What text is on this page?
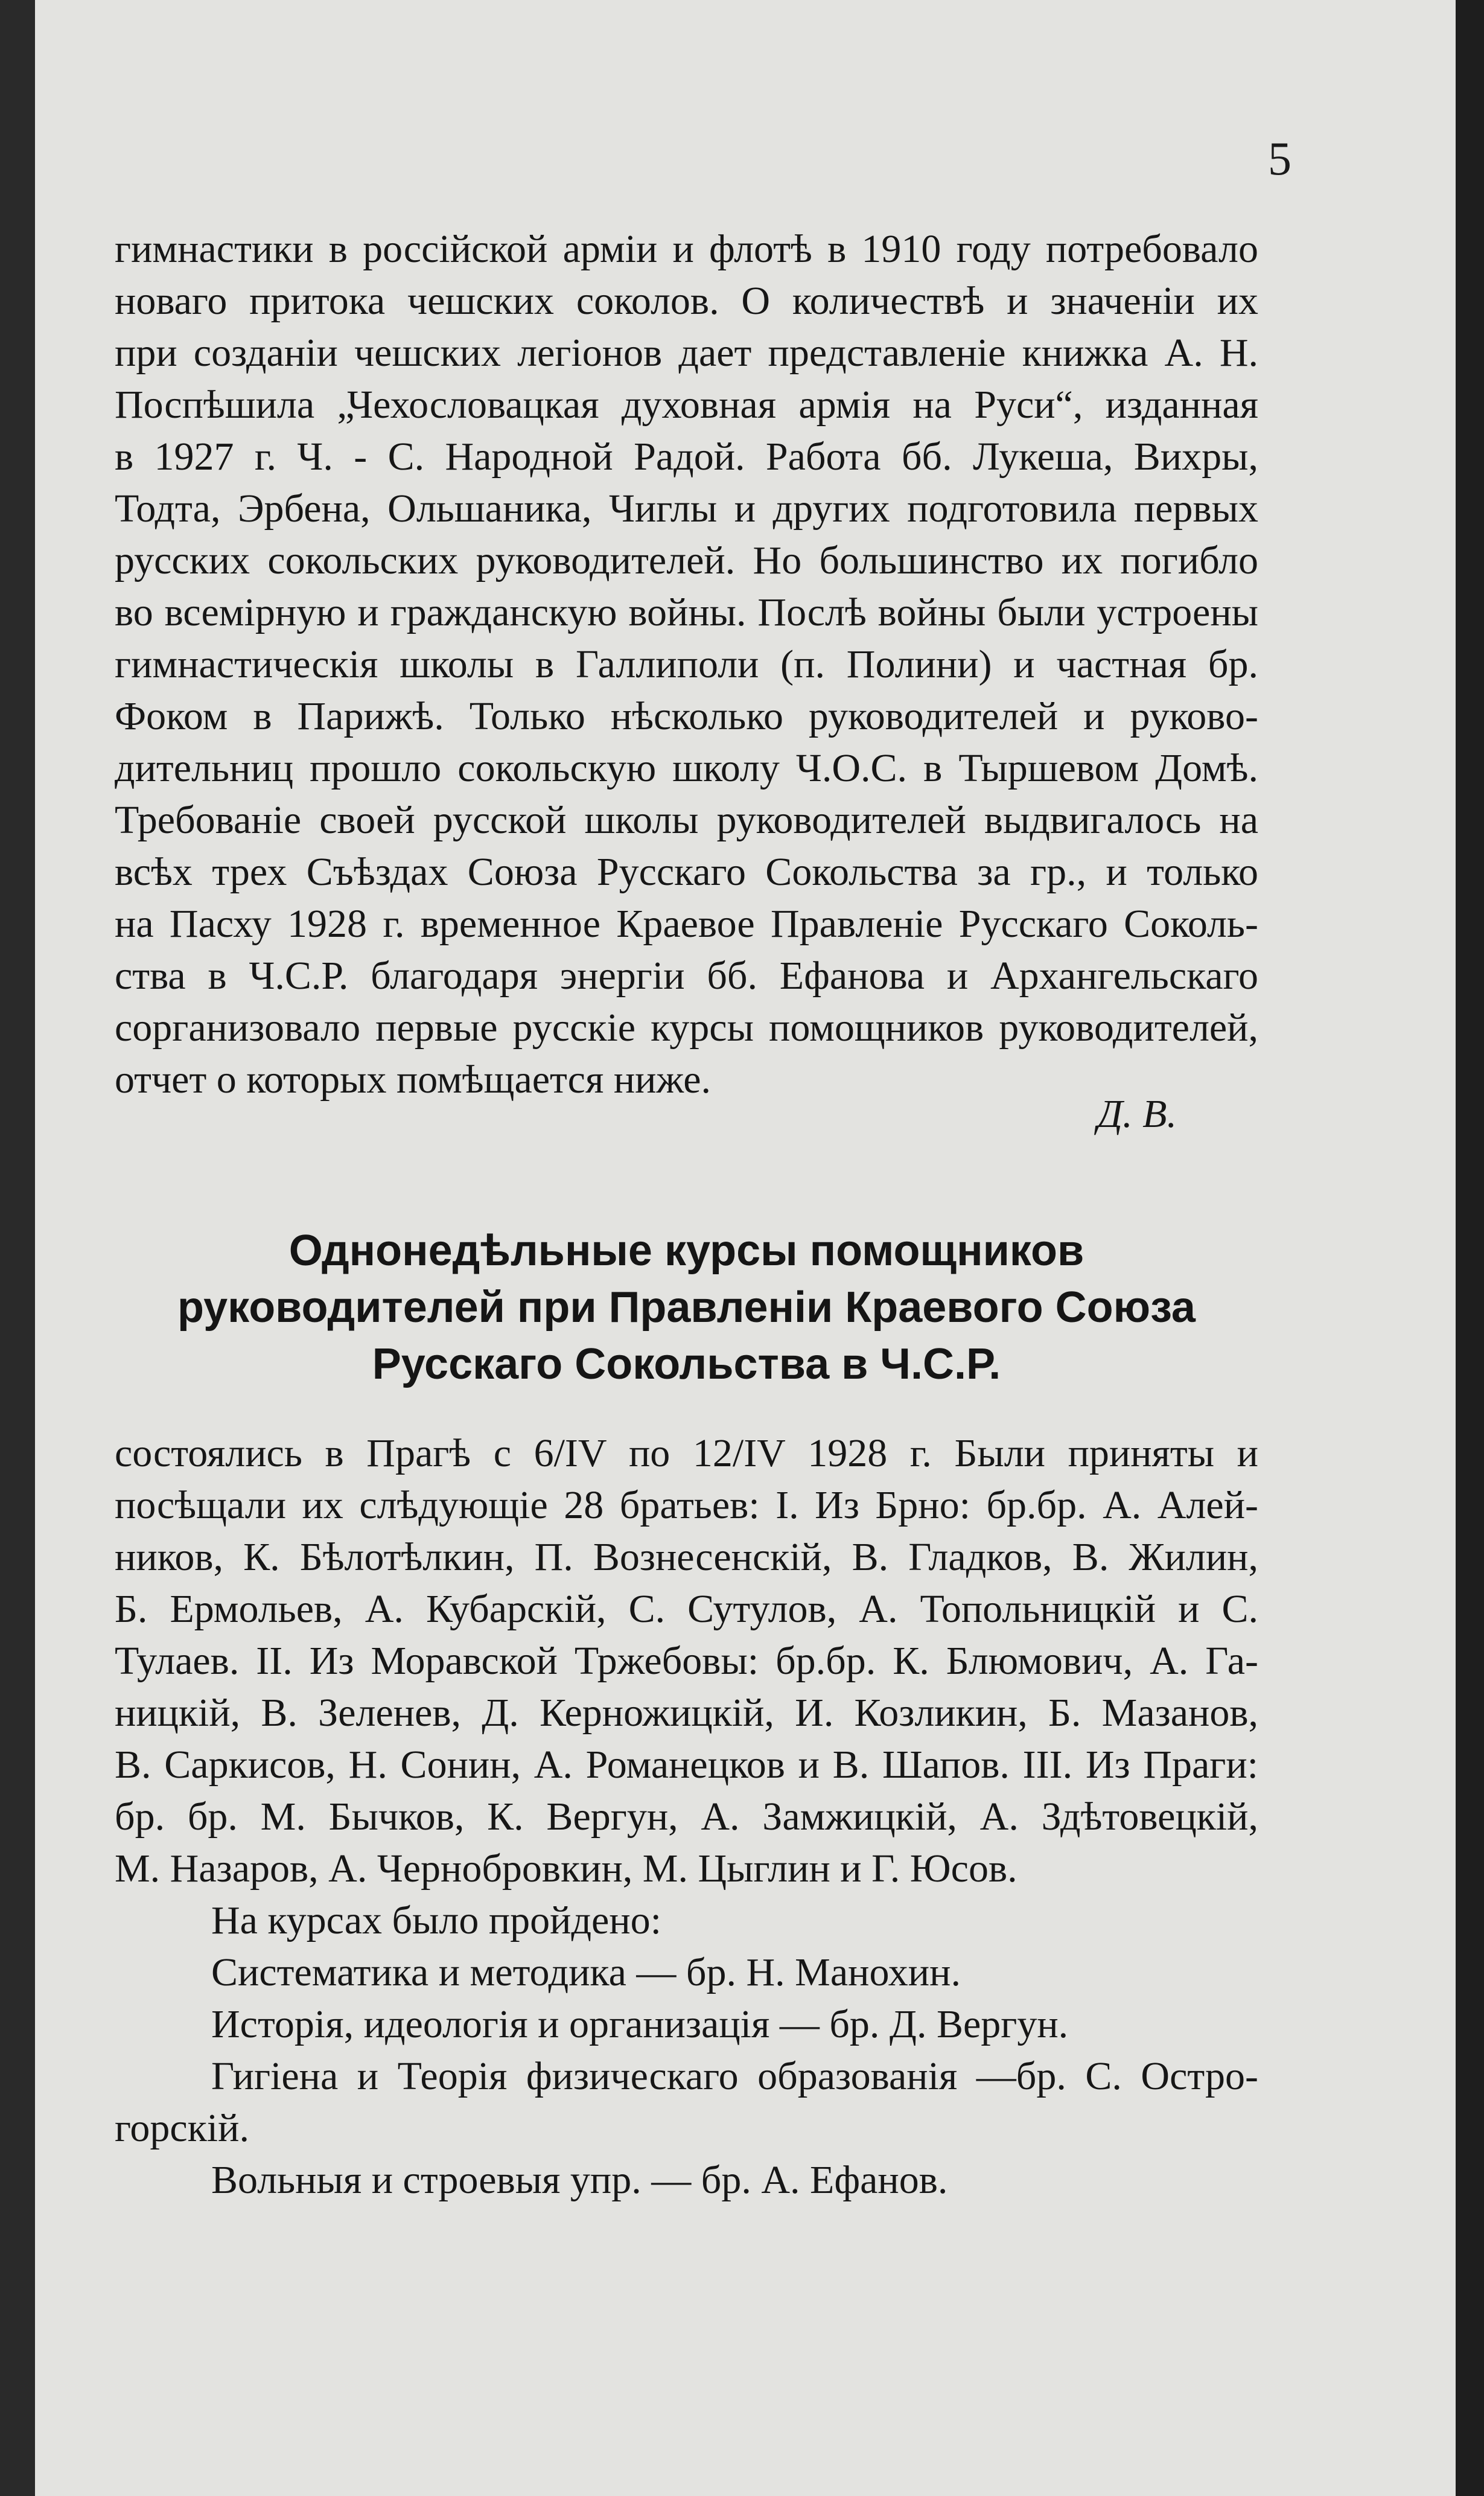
5
гимнастики в россійской арміи и флотѣ в 1910 году потребовало
новаго притока чешских соколов. О количествѣ и значеніи их
при созданіи чешских легіонов дает представленіе книжка А. Н.
Поспѣшила „Чехословацкая духовная армія на Руси“, изданная
в 1927 г. Ч. - С. Народной Радой. Работа бб. Лукеша, Вихры,
Тодта, Эрбена, Ольшаника, Чиглы и других подготовила первых
русских сокольских руководителей. Но большинство их погибло
во всемірную и гражданскую войны. Послѣ войны были устроены
гимнастическія школы в Галлиполи (п. Полини) и частная бр.
Фоком в Парижѣ. Только нѣсколько руководителей и руково-
дительниц прошло сокольскую школу Ч.О.С. в Тыршевом Домѣ.
Требованіе своей русской школы руководителей выдвигалось на
всѣх трех Съѣздах Союза Русскаго Сокольства за гр., и только
на Пасху 1928 г. временное Краевое Правленіе Русскаго Соколь-
ства в Ч.С.Р. благодаря энергіи бб. Ефанова и Архангельскаго
сорганизовало первые русскіе курсы помощников руководителей,
отчет о которых помѣщается ниже.
Д. В.
Однонедѣльные курсы помощников
руководителей при Правленіи Краевого Союза
Русскаго Сокольства в Ч.С.Р.
состоялись в Прагѣ с 6/IV по 12/IV 1928 г. Были приняты и
посѣщали их слѣдующіе 28 братьев: I. Из Брно: бр.бр. А. Алей-
ников, К. Бѣлотѣлкин, П. Вознесенскій, В. Гладков, В. Жилин,
Б. Ермольев, А. Кубарскій, С. Сутулов, А. Топольницкій и С.
Тулаев. II. Из Моравской Тржебовы: бр.бр. К. Блюмович, А. Га-
ницкій, В. Зеленев, Д. Керножицкій, И. Козликин, Б. Мазанов,
В. Саркисов, Н. Сонин, А. Романецков и В. Шапов. III. Из Праги:
бр. бр. М. Бычков, К. Вергун, А. Замжицкій, А. Здѣтовецкій,
М. Назаров, А. Чернобровкин, М. Цыглин и Г. Юсов.
На курсах было пройдено:
Систематика и методика — бр. Н. Манохин.
Исторія, идеологія и организація — бр. Д. Вергун.
Гигіена и Теорія физическаго образованія —бр. С. Остро-
горскій.
Вольныя и строевыя упр. — бр. А. Ефанов.
